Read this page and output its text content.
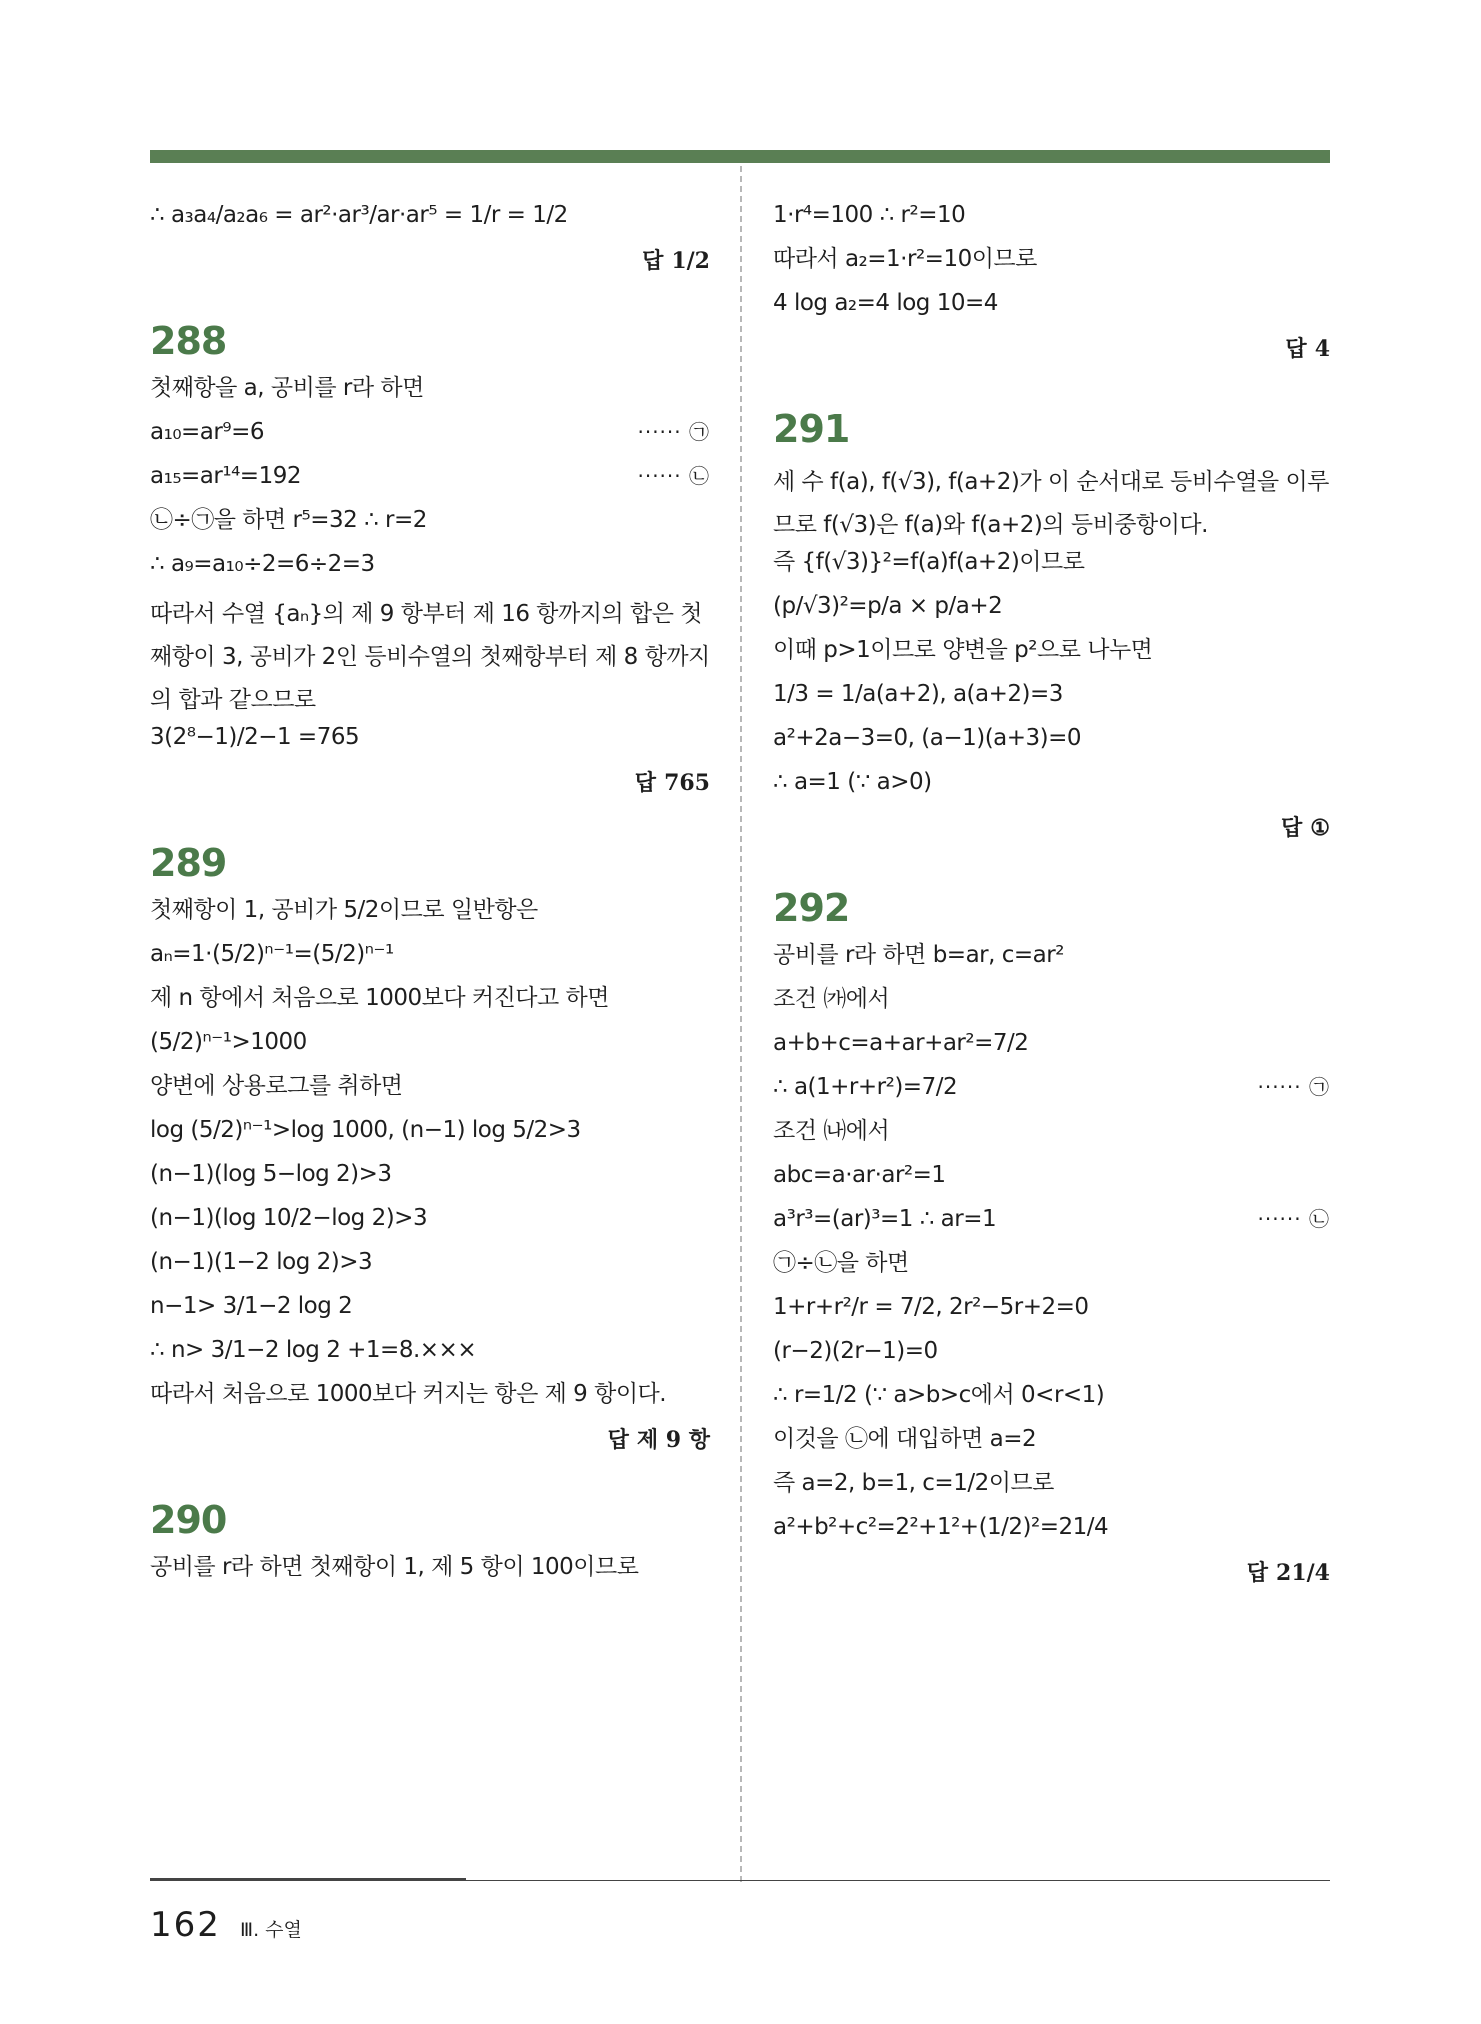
∴ a₃a₄/a₂a₆ = ar²·ar³/ar·ar⁵ = 1/r = 1/2
답 1/2
288
첫째항을 a, 공비를 r라 하면
a₁₀=ar⁹=6	······ ㉠
a₁₅=ar¹⁴=192	······ ㉡
㉡÷㉠을 하면 r⁵=32 ∴ r=2
∴ a₉=a₁₀÷2=6÷2=3
따라서 수열 {aₙ}의 제 9 항부터 제 16 항까지의 합은 첫째항이 3, 공비가 2인 등비수열의 첫째항부터 제 8 항까지의 합과 같으므로
3(2⁸−1)/2−1 =765
답 765
289
첫째항이 1, 공비가 5/2이므로 일반항은
aₙ=1·(5/2)ⁿ⁻¹=(5/2)ⁿ⁻¹
제 n 항에서 처음으로 1000보다 커진다고 하면
(5/2)ⁿ⁻¹>1000
양변에 상용로그를 취하면
log (5/2)ⁿ⁻¹>log 1000, (n−1) log 5/2>3
(n−1)(log 5−log 2)>3
(n−1)(log 10/2−log 2)>3
(n−1)(1−2 log 2)>3
n−1> 3/1−2 log 2
∴ n> 3/1−2 log 2 +1=8.×××
따라서 처음으로 1000보다 커지는 항은 제 9 항이다.
답 제 9 항
290
공비를 r라 하면 첫째항이 1, 제 5 항이 100이므로
1·r⁴=100 ∴ r²=10
따라서 a₂=1·r²=10이므로
4 log a₂=4 log 10=4
답 4
291
세 수 f(a), f(√3), f(a+2)가 이 순서대로 등비수열을 이루므로 f(√3)은 f(a)와 f(a+2)의 등비중항이다.
즉 {f(√3)}²=f(a)f(a+2)이므로
(p/√3)²=p/a × p/a+2
이때 p>1이므로 양변을 p²으로 나누면
1/3 = 1/a(a+2), a(a+2)=3
a²+2a−3=0, (a−1)(a+3)=0
∴ a=1 (∵ a>0)
답 ①
292
공비를 r라 하면 b=ar, c=ar²
조건 ㈎에서
a+b+c=a+ar+ar²=7/2
∴ a(1+r+r²)=7/2	······ ㉠
조건 ㈏에서
abc=a·ar·ar²=1
a³r³=(ar)³=1 ∴ ar=1	······ ㉡
㉠÷㉡을 하면
1+r+r²/r = 7/2, 2r²−5r+2=0
(r−2)(2r−1)=0
∴ r=1/2 (∵ a>b>c에서 0<r<1)
이것을 ㉡에 대입하면 a=2
즉 a=2, b=1, c=1/2이므로
a²+b²+c²=2²+1²+(1/2)²=21/4
답 21/4
162 Ⅲ. 수열
